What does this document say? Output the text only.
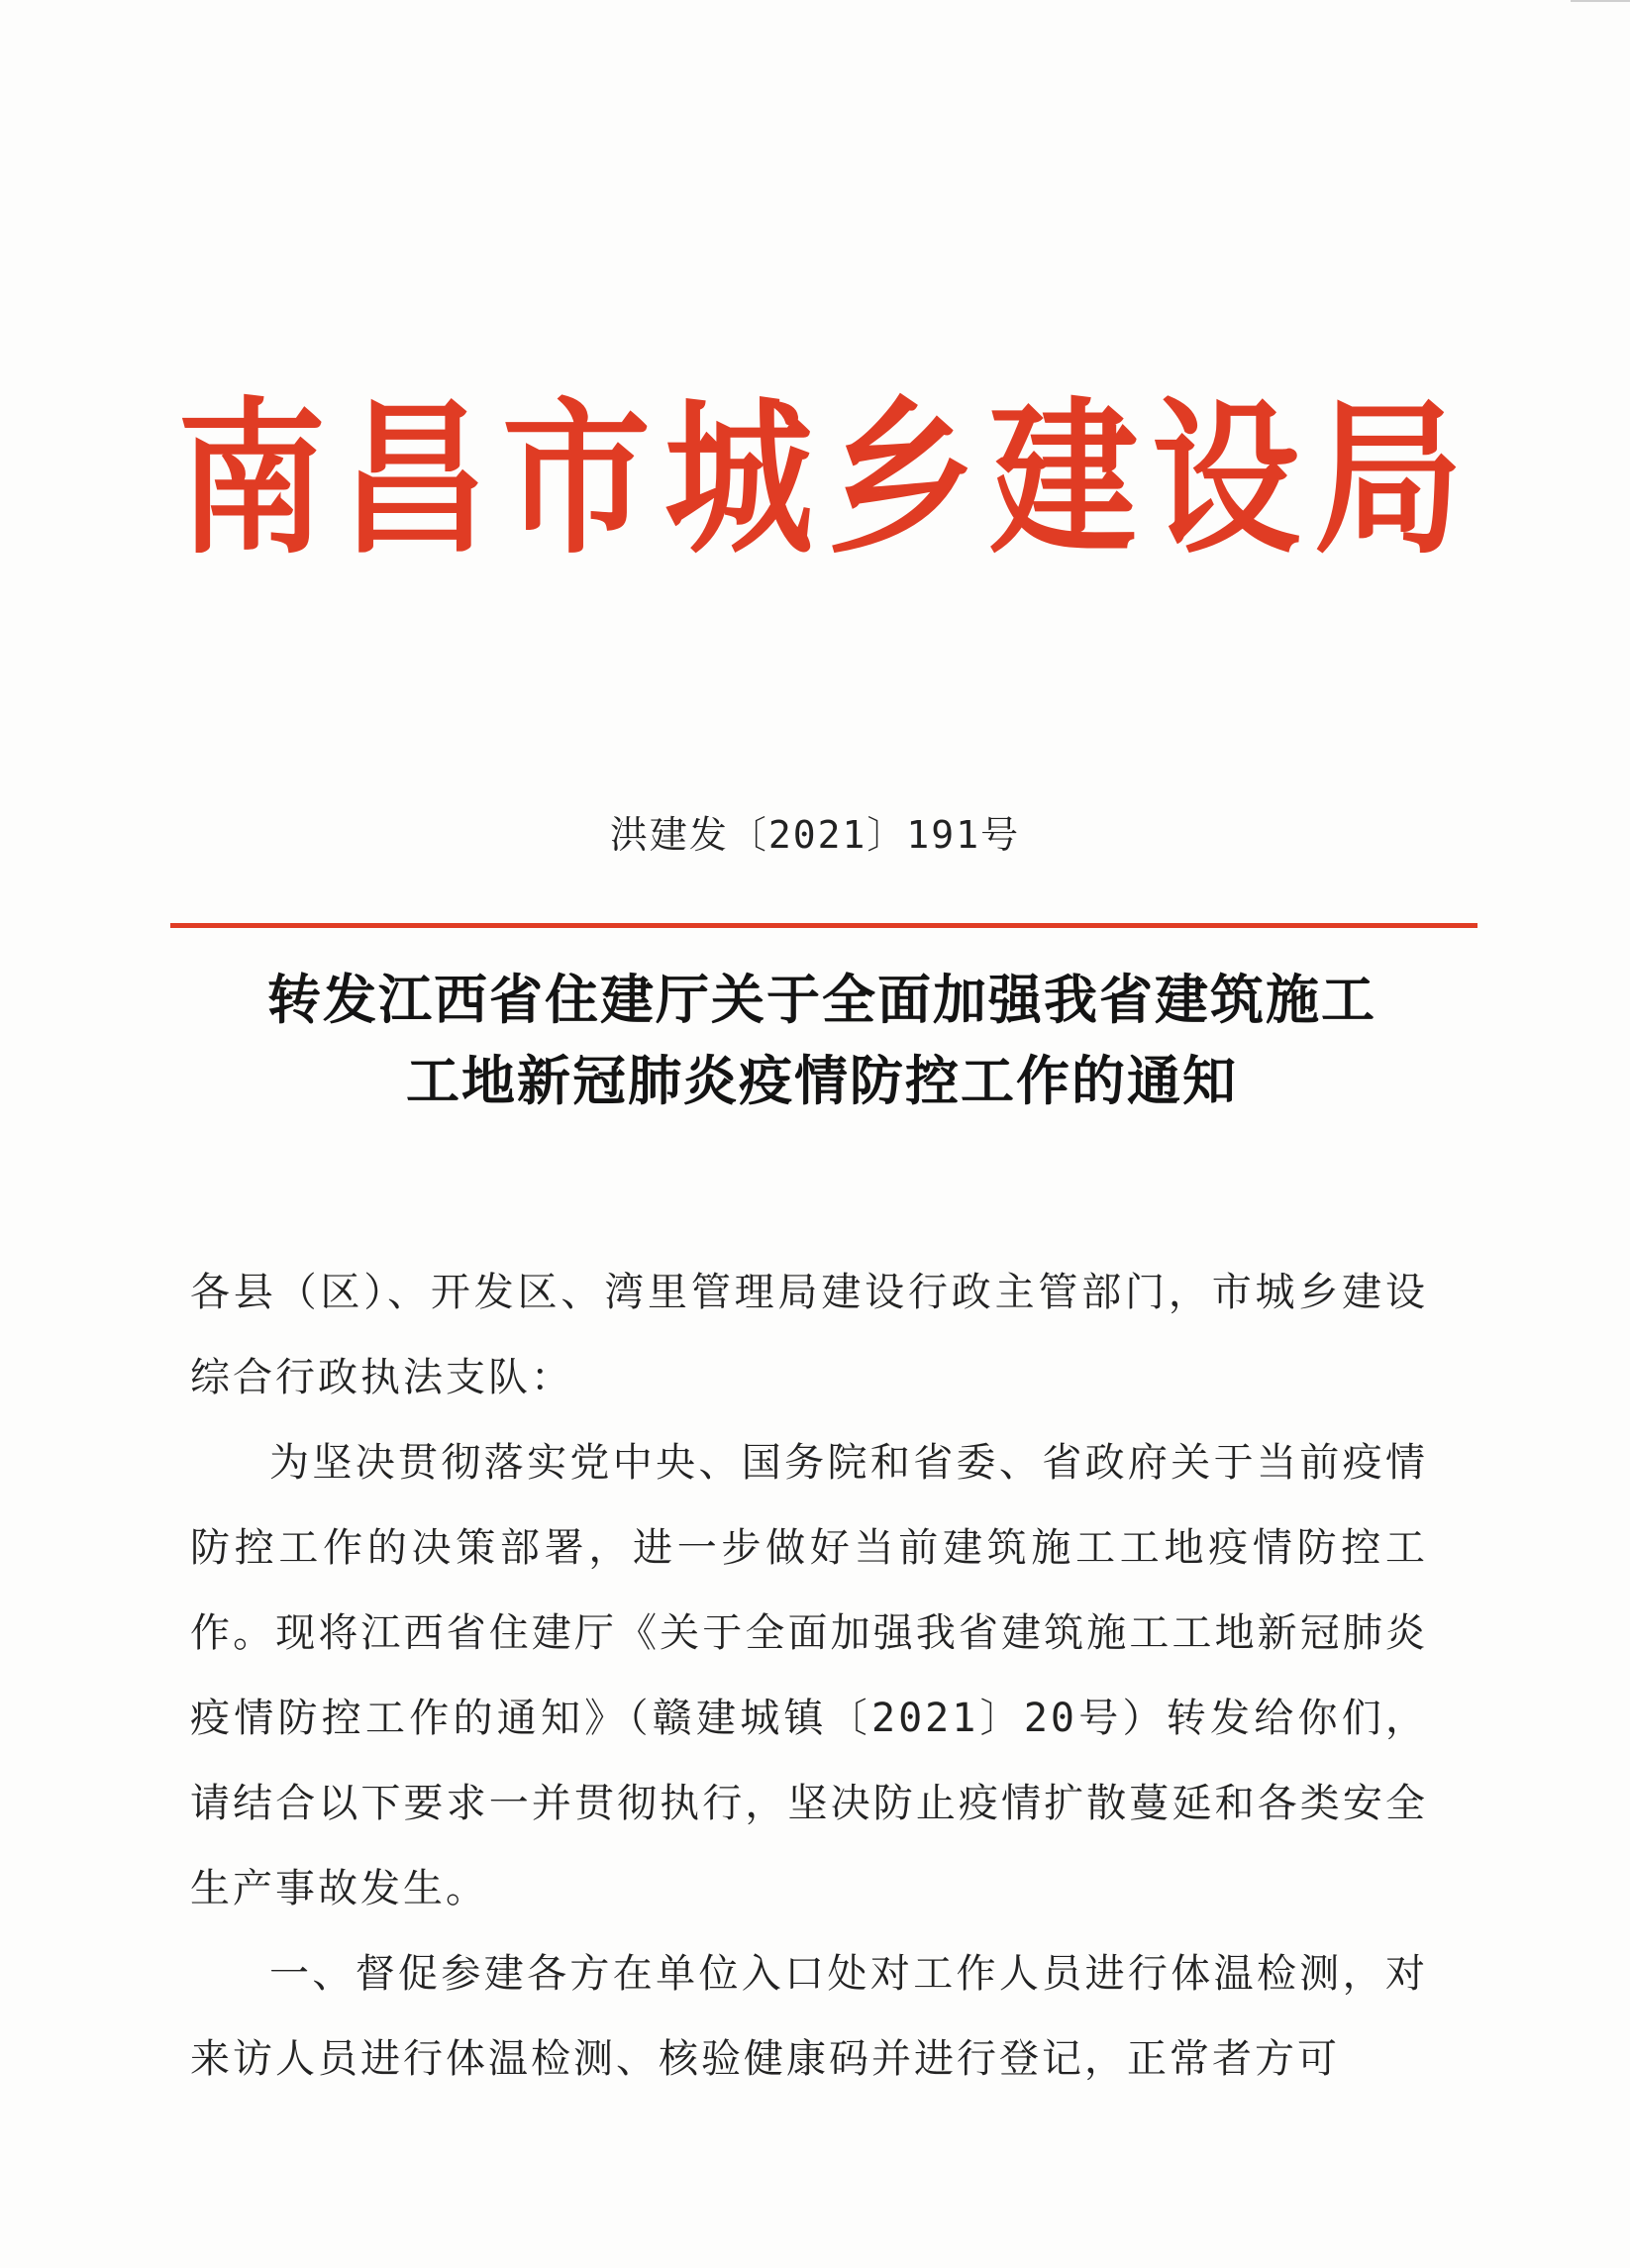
南昌市城乡建设局
洪建发〔2021〕191号
转发江西省住建厅关于全面加强我省建筑施工
工地新冠肺炎疫情防控工作的通知

各县（区）、开发区、湾里管理局建设行政主管部门，市城乡建设综合行政执法支队：

为坚决贯彻落实党中央、国务院和省委、省政府关于当前疫情防控工作的决策部署，进一步做好当前建筑施工工地疫情防控工作。现将江西省住建厅《关于全面加强我省建筑施工工地新冠肺炎疫情防控工作的通知》（赣建城镇〔2021〕20号）转发给你们，请结合以下要求一并贯彻执行，坚决防止疫情扩散蔓延和各类安全生产事故发生。

一、督促参建各方在单位入口处对工作人员进行体温检测，对来访人员进行体温检测、核验健康码并进行登记，正常者方可
